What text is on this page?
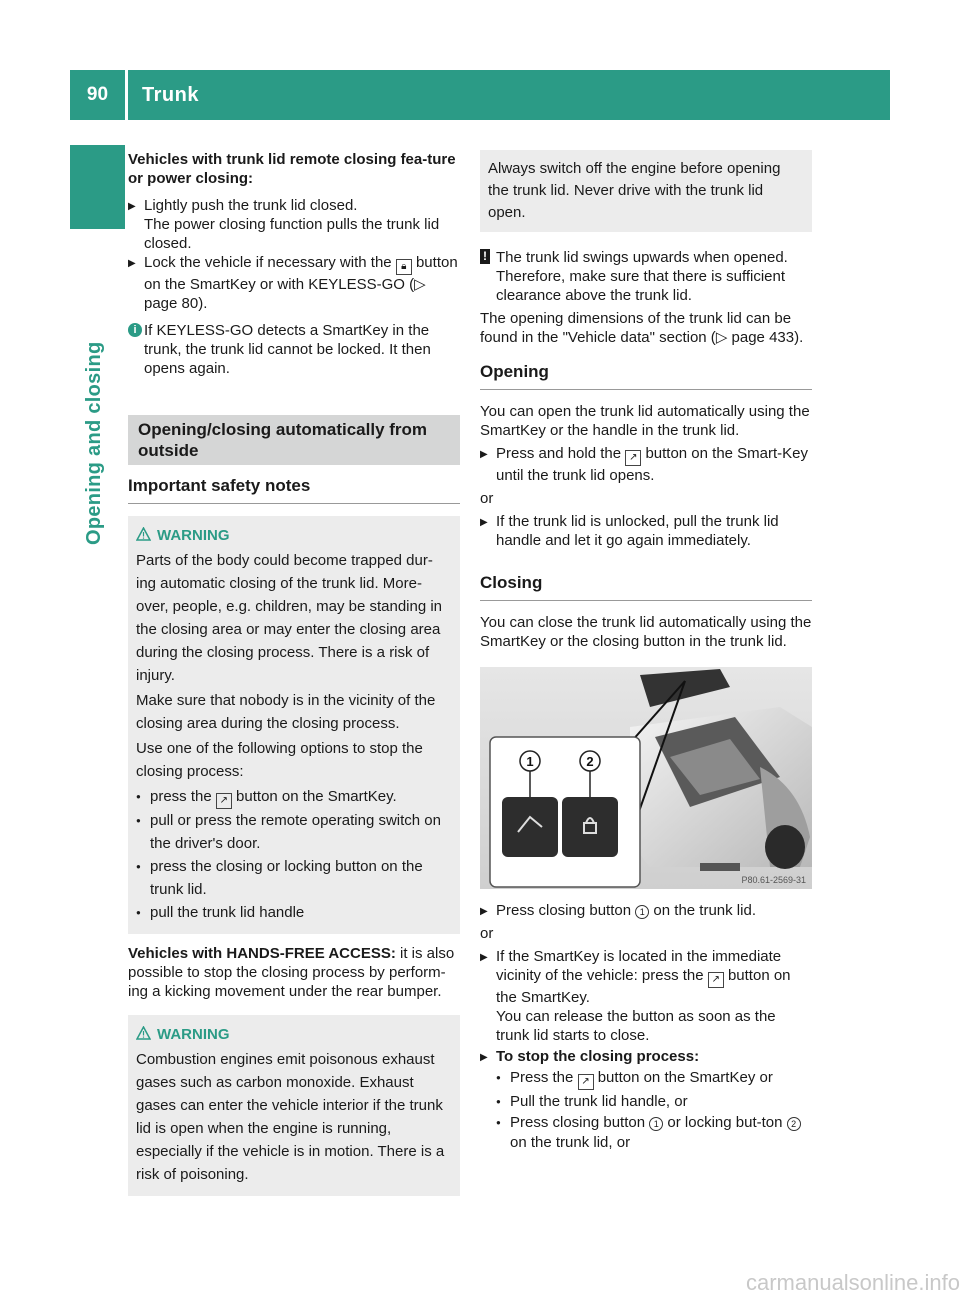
90	Trunk
Opening and closing

Vehicles with trunk lid remote closing fea-ture or power closing:

▶ Lightly push the trunk lid closed.

The power closing function pulls the trunk lid closed.

▶ Lock the vehicle if necessary with the 🔒︎ button on the SmartKey or with KEYLESS-GO (▷ page 80).
i If KEYLESS-GO detects a SmartKey in the trunk, the trunk lid cannot be locked. It then opens again.
Opening/closing automatically from outside
Important safety notes
WARNING

Parts of the body could become trapped dur-ing automatic closing of the trunk lid. More-over, people, e.g. children, may be standing in the closing area or may enter the closing area during the closing process. There is a risk of injury.

Make sure that nobody is in the vicinity of the closing area during the closing process.

Use one of the following options to stop the closing process:

● press the ↗ button on the SmartKey.
● pull or press the remote operating switch on the driver's door.
● press the closing or locking button on the trunk lid.
● pull the trunk lid handle

Vehicles with HANDS-FREE ACCESS: it is also possible to stop the closing process by perform-ing a kicking movement under the rear bumper.

WARNING

Combustion engines emit poisonous exhaust gases such as carbon monoxide. Exhaust gases can enter the vehicle interior if the trunk lid is open when the engine is running, especially if the vehicle is in motion. There is a risk of poisoning.

Always switch off the engine before opening the trunk lid. Never drive with the trunk lid open.
! The trunk lid swings upwards when opened. Therefore, make sure that there is sufficient clearance above the trunk lid.

The opening dimensions of the trunk lid can be found in the "Vehicle data" section (▷ page 433).

Opening

You can open the trunk lid automatically using the SmartKey or the handle in the trunk lid.

▶ Press and hold the ↗ button on the Smart-Key until the trunk lid opens.

or

▶ If the trunk lid is unlocked, pull the trunk lid handle and let it go again immediately.
Closing

You can close the trunk lid automatically using the SmartKey or the closing button in the trunk lid.

1	2
P80.61-2569-31
▶ Press closing button 1 on the trunk lid.

or

▶ If the SmartKey is located in the immediate vicinity of the vehicle: press the ↗ button on the SmartKey.

You can release the button as soon as the trunk lid starts to close.

▶ To stop the closing process:
● Press the ↗ button on the SmartKey or
● Pull the trunk lid handle, or
● Press closing button 1 or locking but-ton 2 on the trunk lid, or
carmanualsonline.info
